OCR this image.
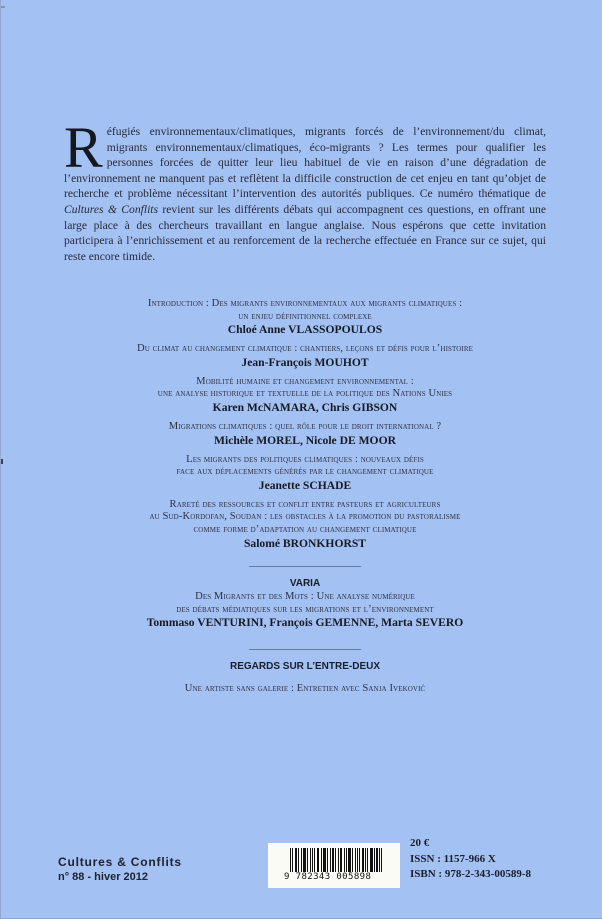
Réfugiés environnementaux/climatiques, migrants forcés de l’environnement/du climat, migrants environnementaux/climatiques, éco-migrants ? Les termes pour qualifier les personnes forcées de quitter leur lieu habituel de vie en raison d’une dégradation de l’environnement ne manquent pas et reflètent la difficile construction de cet enjeu en tant qu’objet de recherche et problème nécessitant l’intervention des autorités publiques. Ce numéro thématique de Cultures & Conflits revient sur les différents débats qui accompagnent ces questions, en offrant une large place à des chercheurs travaillant en langue anglaise. Nous espérons que cette invitation participera à l’enrichissement et au renforcement de la recherche effectuée en France sur ce sujet, qui reste encore timide.
Introduction : Des migrants environnementaux aux migrants climatiques :
un enjeu définitionnel complexe
Chloé Anne VLASSOPOULOS
Du climat au changement climatique : chantiers, leçons et défis pour l’histoire
Jean-François MOUHOT
Mobilité humaine et changement environnemental :
une analyse historique et textuelle de la politique des Nations Unies
Karen McNAMARA, Chris GIBSON
Migrations climatiques : quel rôle pour le droit international ?
Michèle MOREL, Nicole DE MOOR
Les migrants des politiques climatiques : nouveaux défis
face aux déplacements générés par le changement climatique
Jeanette SCHADE
Rareté des ressources et conflit entre pasteurs et agriculteurs
au Sud-Kordofan, Soudan : les obstacles à la promotion du pastoralisme
comme forme d’adaptation au changement climatique
Salomé BRONKHORST
VARIA
Des Migrants et des Mots : Une analyse numérique
des débats médiatiques sur les migrations et l’environnement
Tommaso VENTURINI, François GEMENNE, Marta SEVERO
REGARDS SUR L’ENTRE-DEUX
Une artiste sans galerie : Entretien avec Sanja Iveković
Cultures & Conflits
n° 88 - hiver 2012	9 782343 005898
20 €
ISSN : 1157-966 X
ISBN : 978-2-343-00589-8
